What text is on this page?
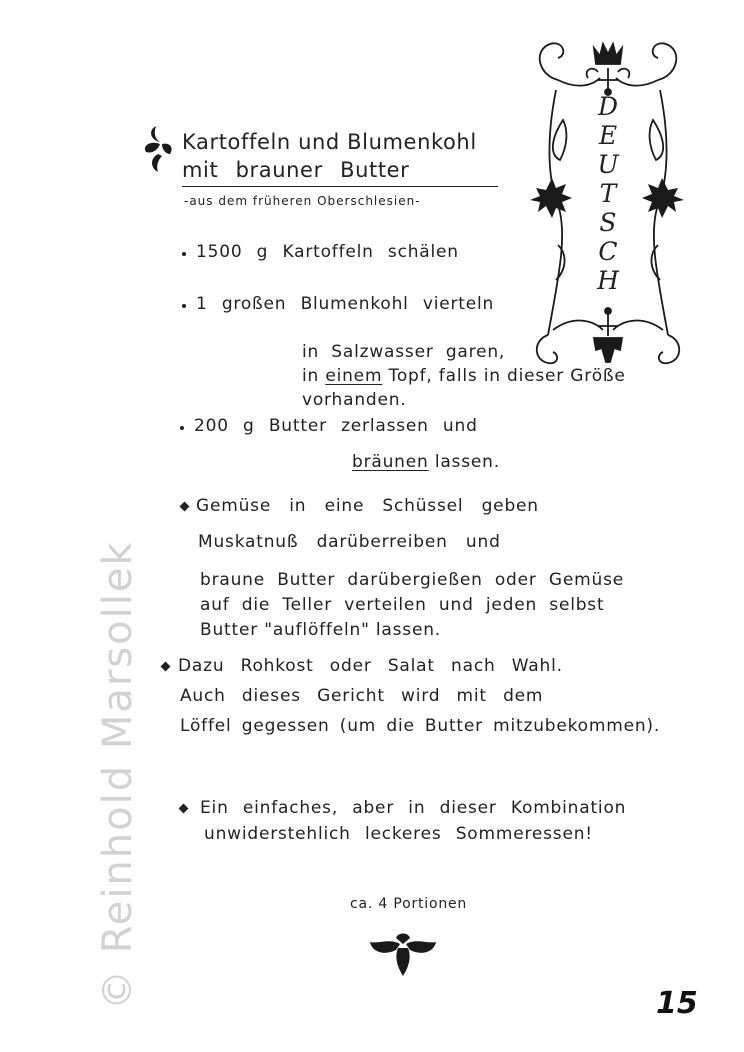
© Reinhold Marsollek
D
E
U
T
S
C
H
Kartoffeln und Blumenkohl
mit brauner Butter
-aus dem früheren Oberschlesien-
1500 g Kartoffeln schälen
1 großen Blumenkohl vierteln
in Salzwasser garen,
in einem Topf, falls in dieser Größe
vorhanden.
200 g Butter zerlassen und
bräunen lassen.
Gemüse in eine Schüssel geben
Muskatnuß darüberreiben und
braune Butter darübergießen oder Gemüse
auf die Teller verteilen und jeden selbst
Butter "auflöffeln" lassen.
Dazu Rohkost oder Salat nach Wahl.
Auch dieses Gericht wird mit dem
Löffel gegessen (um die Butter mitzubekommen).
Ein einfaches, aber in dieser Kombination
unwiderstehlich leckeres Sommeressen!
ca. 4 Portionen
15
